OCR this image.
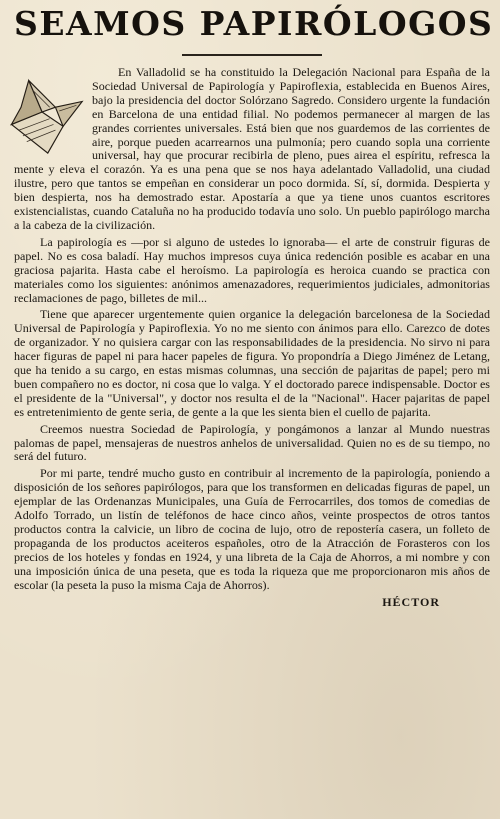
SEAMOS PAPIRÓLOGOS

En Valladolid se ha constituido la Delegación Nacional para España de la Sociedad Universal de Papirología y Papiroflexia, establecida en Buenos Aires, bajo la presidencia del doctor Solórzano Sagredo. Considero urgente la fundación en Barcelona de una entidad filial. No podemos permanecer al margen de las grandes corrientes universales. Está bien que nos guardemos de las corrientes de aire, porque pueden acarrearnos una pulmonía; pero cuando sopla una corriente universal, hay que procurar recibirla de pleno, pues airea el espíritu, refresca la mente y eleva el corazón. Ya es una pena que se nos haya adelantado Valladolid, una ciudad ilustre, pero que tantos se empeñan en considerar un poco dormida. Sí, sí, dormida. Despierta y bien despierta, nos ha demostrado estar. Apostaría a que ya tiene unos cuantos escritores existencialistas, cuando Cataluña no ha producido todavía uno solo. Un pueblo papirólogo marcha a la cabeza de la civilización.

La papirología es —por si alguno de ustedes lo ignoraba— el arte de construir figuras de papel. No es cosa baladí. Hay muchos impresos cuya única redención posible es acabar en una graciosa pajarita. Hasta cabe el heroísmo. La papirología es heroica cuando se practica con materiales como los siguientes: anónimos amenazadores, requerimientos judiciales, admonitorias reclamaciones de pago, billetes de mil...

Tiene que aparecer urgentemente quien organice la delegación barcelonesa de la Sociedad Universal de Papirología y Papiroflexia. Yo no me siento con ánimos para ello. Carezco de dotes de organizador. Y no quisiera cargar con las responsabilidades de la presidencia. No sirvo ni para hacer figuras de papel ni para hacer papeles de figura. Yo propondría a Diego Jiménez de Letang, que ha tenido a su cargo, en estas mismas columnas, una sección de pajaritas de papel; pero mi buen compañero no es doctor, ni cosa que lo valga. Y el doctorado parece indispensable. Doctor es el presidente de la "Universal", y doctor nos resulta el de la "Nacional". Hacer pajaritas de papel es entretenimiento de gente seria, de gente a la que les sienta bien el cuello de pajarita.

Creemos nuestra Sociedad de Papirología, y pongámonos a lanzar al Mundo nuestras palomas de papel, mensajeras de nuestros anhelos de universalidad. Quien no es de su tiempo, no será del futuro.

Por mi parte, tendré mucho gusto en contribuir al incremento de la papirología, poniendo a disposición de los señores papirólogos, para que los transformen en delicadas figuras de papel, un ejemplar de las Ordenanzas Municipales, una Guía de Ferrocarriles, dos tomos de comedias de Adolfo Torrado, un listín de teléfonos de hace cinco años, veinte prospectos de otros tantos productos contra la calvicie, un libro de cocina de lujo, otro de repostería casera, un folleto de propaganda de los productos aceiteros españoles, otro de la Atracción de Forasteros con los precios de los hoteles y fondas en 1924, y una libreta de la Caja de Ahorros, a mi nombre y con una imposición única de una peseta, que es toda la riqueza que me proporcionaron mis años de escolar (la peseta la puso la misma Caja de Ahorros).

HÉCTOR
